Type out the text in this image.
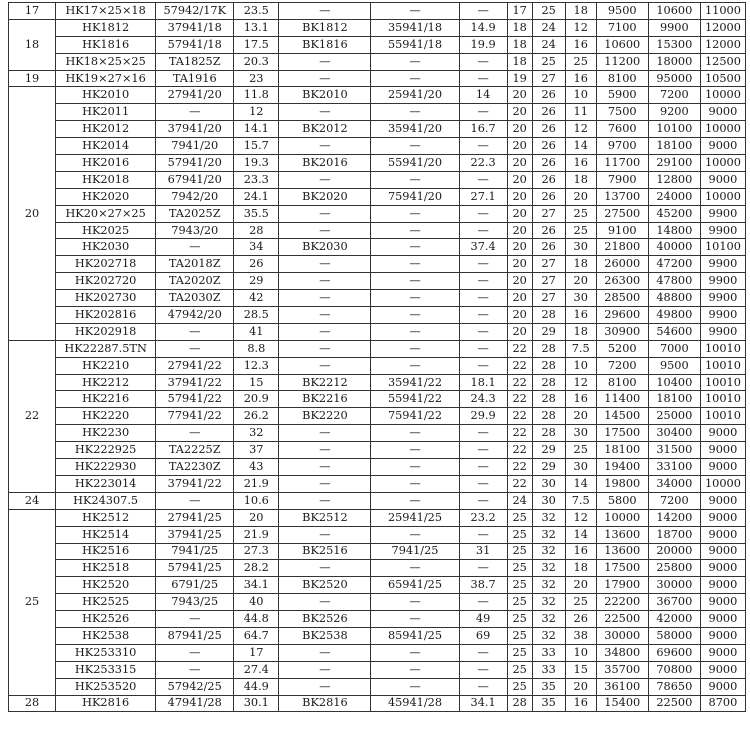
17	HK17×25×18	57942/17K	23.5	—	—	—	17	25	18	9500	10600	11000
18	HK1812	37941/18	13.1	BK1812	35941/18	14.9	18	24	12	7100	9900	12000
	HK1816	57941/18	17.5	BK1816	55941/18	19.9	18	24	16	10600	15300	12000
	HK18×25×25	TA1825Z	20.3	—	—	—	18	25	25	11200	18000	12500
19	HK19×27×16	TA1916	23	—	—	—	19	27	16	8100	95000	10500
20	HK2010	27941/20	11.8	BK2010	25941/20	14	20	26	10	5900	7200	10000
	HK2011	—	12	—	—	—	20	26	11	7500	9200	9000
	HK2012	37941/20	14.1	BK2012	35941/20	16.7	20	26	12	7600	10100	10000
	HK2014	7941/20	15.7	—	—	—	20	26	14	9700	18100	9000
	HK2016	57941/20	19.3	BK2016	55941/20	22.3	20	26	16	11700	29100	10000
	HK2018	67941/20	23.3	—	—	—	20	26	18	7900	12800	9000
	HK2020	7942/20	24.1	BK2020	75941/20	27.1	20	26	20	13700	24000	10000
	HK20×27×25	TA2025Z	35.5	—	—	—	20	27	25	27500	45200	9900
	HK2025	7943/20	28	—	—	—	20	26	25	9100	14800	9900
	HK2030	—	34	BK2030	—	37.4	20	26	30	21800	40000	10100
	HK202718	TA2018Z	26	—	—	—	20	27	18	26000	47200	9900
	HK202720	TA2020Z	29	—	—	—	20	27	20	26300	47800	9900
	HK202730	TA2030Z	42	—	—	—	20	27	30	28500	48800	9900
	HK202816	47942/20	28.5	—	—	—	20	28	16	29600	49800	9900
	HK202918	—	41	—	—	—	20	29	18	30900	54600	9900
22	HK22287.5TN	—	8.8	—	—	—	22	28	7.5	5200	7000	10010
	HK2210	27941/22	12.3	—	—	—	22	28	10	7200	9500	10010
	HK2212	37941/22	15	BK2212	35941/22	18.1	22	28	12	8100	10400	10010
	HK2216	57941/22	20.9	BK2216	55941/22	24.3	22	28	16	11400	18100	10010
	HK2220	77941/22	26.2	BK2220	75941/22	29.9	22	28	20	14500	25000	10010
	HK2230	—	32	—	—	—	22	28	30	17500	30400	9000
	HK222925	TA2225Z	37	—	—	—	22	29	25	18100	31500	9000
	HK222930	TA2230Z	43	—	—	—	22	29	30	19400	33100	9000
	HK223014	37941/22	21.9	—	—	—	22	30	14	19800	34000	10000
24	HK24307.5	—	10.6	—	—	—	24	30	7.5	5800	7200	9000
25	HK2512	27941/25	20	BK2512	25941/25	23.2	25	32	12	10000	14200	9000
	HK2514	37941/25	21.9	—	—	—	25	32	14	13600	18700	9000
	HK2516	7941/25	27.3	BK2516	7941/25	31	25	32	16	13600	20000	9000
	HK2518	57941/25	28.2	—	—	—	25	32	18	17500	25800	9000
	HK2520	6791/25	34.1	BK2520	65941/25	38.7	25	32	20	17900	30000	9000
	HK2525	7943/25	40	—	—	—	25	32	25	22200	36700	9000
	HK2526	—	44.8	BK2526	—	49	25	32	26	22500	42000	9000
	HK2538	87941/25	64.7	BK2538	85941/25	69	25	32	38	30000	58000	9000
	HK253310	—	17	—	—	—	25	33	10	34800	69600	9000
	HK253315	—	27.4	—	—	—	25	33	15	35700	70800	9000
	HK253520	57942/25	44.9	—	—	—	25	35	20	36100	78650	9000
28	HK2816	47941/28	30.1	BK2816	45941/28	34.1	28	35	16	15400	22500	8700
